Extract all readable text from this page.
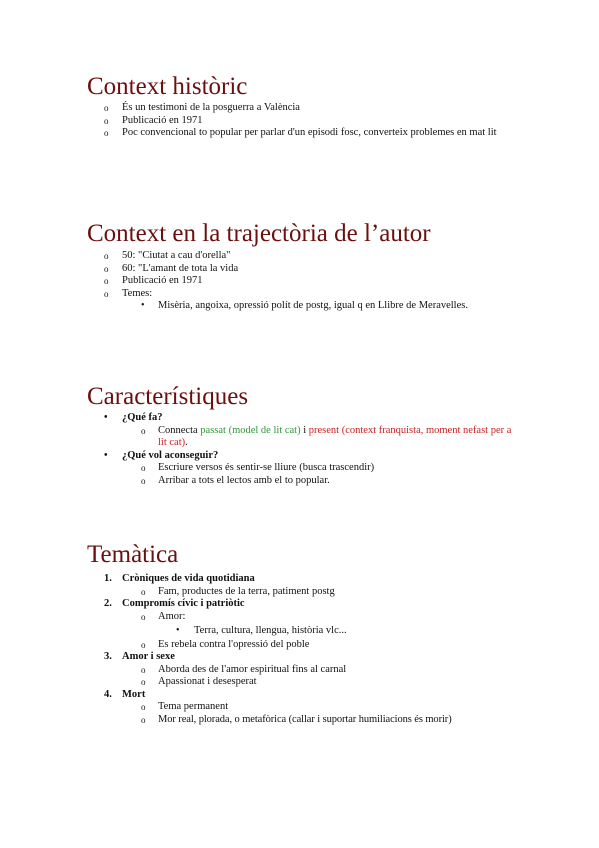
Context històric
o És un testimoni de la posguerra a València
o Publicació en 1971
o Poc convencional to popular per parlar d'un episodi fosc, converteix problemes en mat lit
Context en la trajectòria de l’autor
o 50: "Ciutat a cau d'orella"
o 60: "L'amant de tota la vida
o Publicació en 1971
o Temes:
• Misèria, angoixa, opressió polít de postg, igual q en Llibre de Meravelles.
Característiques
• ¿Qué fa?
o Connecta passat (model de lit cat) i present (context franquista, moment nefast per a lit cat).
• ¿Qué vol aconseguir?
o Escriure versos és sentir-se lliure (busca trascendir)
o Arribar a tots el lectos amb el to popular.
Temàtica
1. Cròniques de vida quotidiana
o Fam, productes de la terra, patiment postg
2. Compromís cívic i patriòtic
o Amor:
• Terra, cultura, llengua, història vlc...
o Es rebela contra l'opressió del poble
3. Amor i sexe
o Aborda des de l'amor espiritual fins al carnal
o Apassionat i desesperat
4. Mort
o Tema permanent
o Mor real, plorada, o metafòrica (callar i suportar humiliacions és morir)
